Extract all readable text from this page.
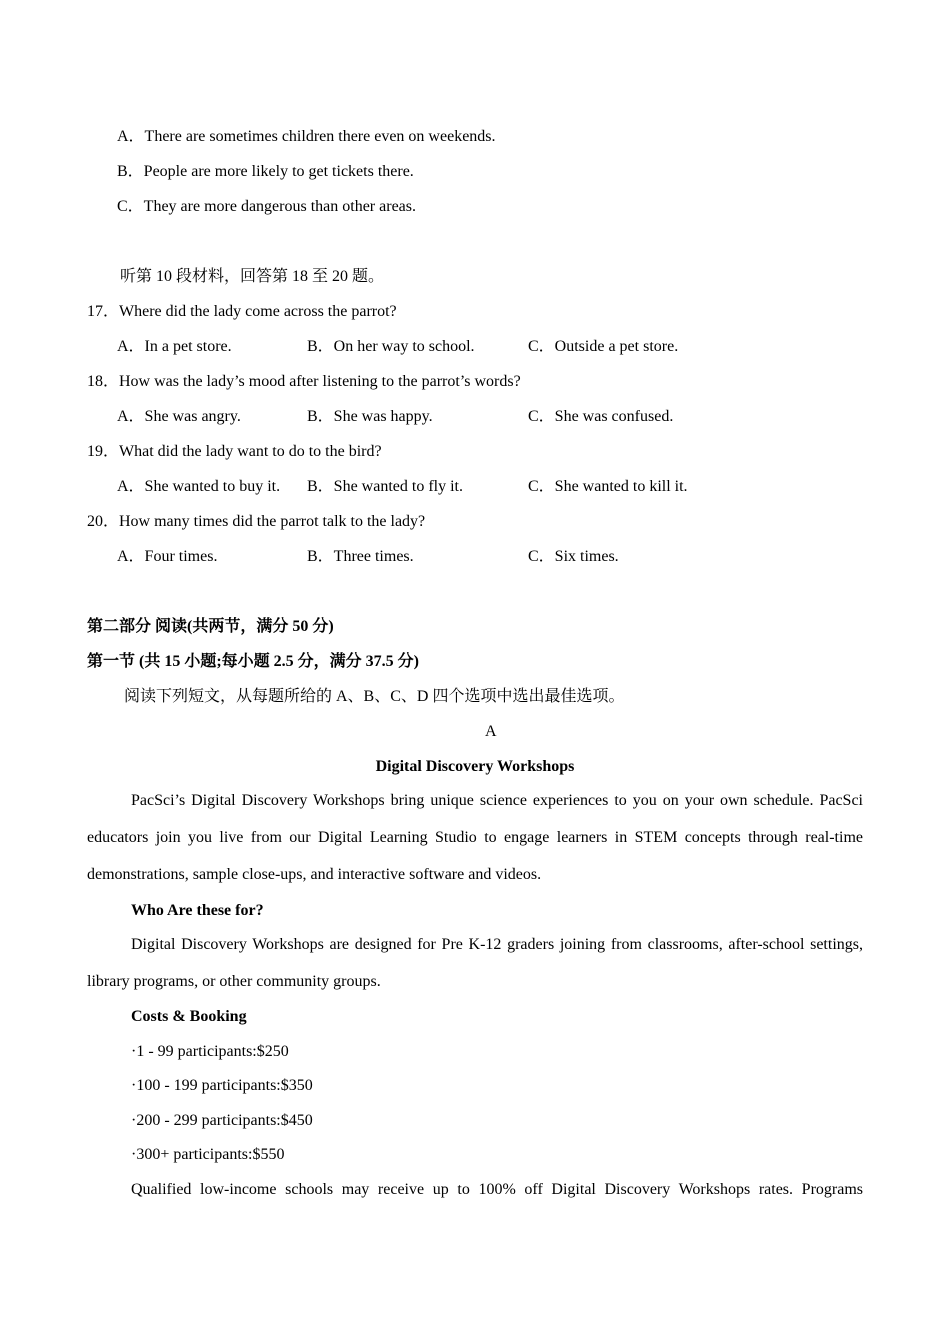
A．There are sometimes children there even on weekends.
B．People are more likely to get tickets there.
C．They are more dangerous than other areas.
听第 10 段材料，回答第 18 至 20 题。
17．Where did the lady come across the parrot?
A．In a pet store.	B．On her way to school.	C．Outside a pet store.
18．How was the lady’s mood after listening to the parrot’s words?
A．She was angry.	B．She was happy.	C．She was confused.
19．What did the lady want to do to the bird?
A．She wanted to buy it. B．She wanted to fly it.	C．She wanted to kill it.
20．How many times did the parrot talk to the lady?
A．Four times.	B．Three times.	C．Six times.
第二部分 阅读(共两节，满分 50 分)
第一节 (共 15 小题;每小题 2.5 分，满分 37.5 分)
阅读下列短文，从每题所给的 A、B、C、D 四个选项中选出最佳选项。
A
Digital Discovery Workshops
PacSci’s Digital Discovery Workshops bring unique science experiences to you on your own schedule. PacSci educators join you live from our Digital Learning Studio to engage learners in STEM concepts through real-time demonstrations, sample close-ups, and interactive software and videos.
Who Are these for?
Digital Discovery Workshops are designed for Pre K-12 graders joining from classrooms, after-school settings, library programs, or other community groups.
Costs & Booking
·1 - 99 participants:$250
·100 - 199 participants:$350
·200 - 299 participants:$450
·300+ participants:$550
Qualified low-income schools may receive up to 100% off Digital Discovery Workshops rates. Programs
